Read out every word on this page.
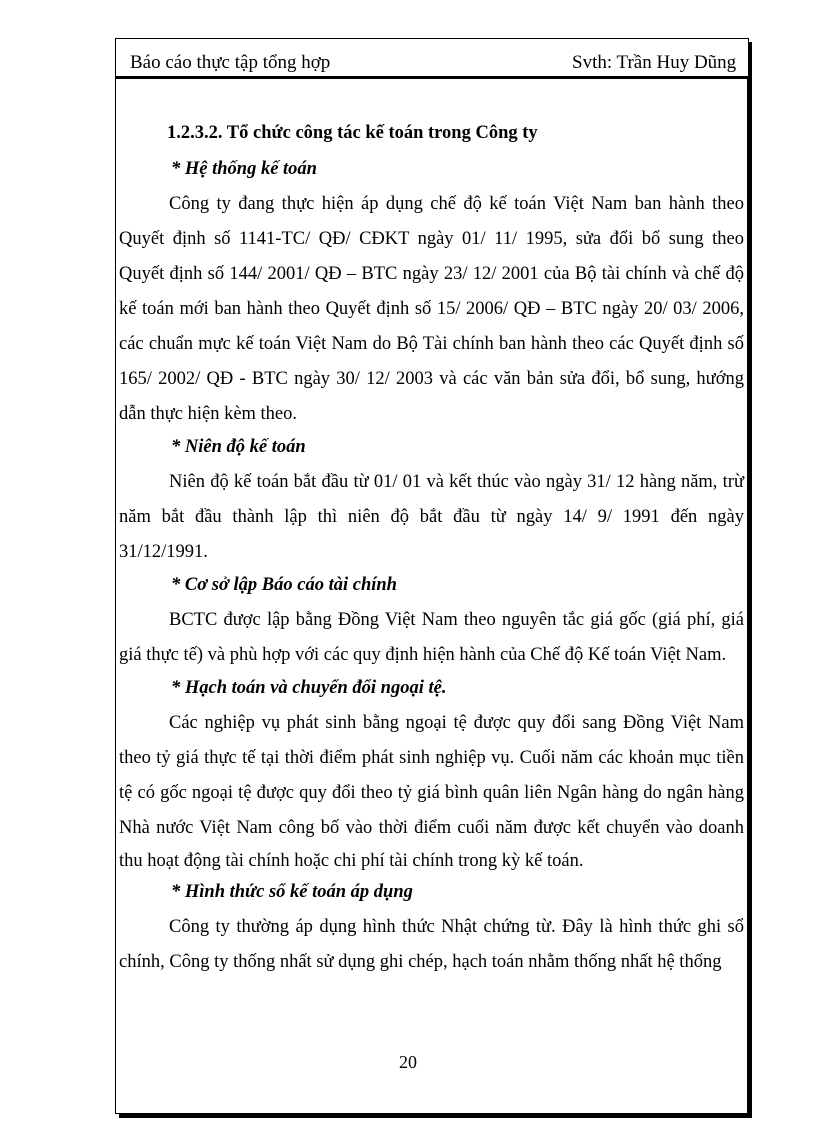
Báo cáo thực tập tổng hợp	Svth: Trần Huy Dũng
1.2.3.2. Tổ chức công tác kế toán trong Công ty
* Hệ thống kế toán
Công ty đang thực hiện áp dụng chế độ kế toán Việt Nam ban hành theo
Quyết định số 1141-TC/ QĐ/ CĐKT ngày 01/ 11/ 1995, sửa đổi bổ sung theo
Quyết định số 144/ 2001/ QĐ – BTC ngày 23/ 12/ 2001 của Bộ tài chính và chế độ
kế toán mới ban hành theo Quyết định số 15/ 2006/ QĐ – BTC ngày 20/ 03/ 2006,
các chuẩn mực kế toán Việt Nam do Bộ Tài chính ban hành theo các Quyết định số
165/ 2002/ QĐ - BTC ngày 30/ 12/ 2003 và các văn bản sửa đổi, bổ sung, hướng
dẫn thực hiện kèm theo.
* Niên độ kế toán
Niên độ kế toán bắt đầu từ 01/ 01 và kết thúc vào ngày 31/ 12 hàng năm, trừ
năm bắt đầu thành lập thì niên độ bắt đầu từ ngày 14/ 9/ 1991 đến ngày
31/12/1991.
* Cơ sở lập Báo cáo tài chính
BCTC được lập bằng Đồng Việt Nam theo nguyên tắc giá gốc (giá phí, giá
giá thực tế) và phù hợp với các quy định hiện hành của Chế độ Kế toán Việt Nam.
* Hạch toán và chuyển đổi ngoại tệ.
Các nghiệp vụ phát sinh bằng ngoại tệ được quy đổi sang Đồng Việt Nam
theo tỷ giá thực tế tại thời điểm phát sinh nghiệp vụ. Cuối năm các khoản mục tiền
tệ có gốc ngoại tệ được quy đổi theo tỷ giá bình quân liên Ngân hàng do ngân hàng
Nhà nước Việt Nam công bố vào thời điểm cuối năm được kết chuyển vào doanh
thu hoạt động tài chính hoặc chi phí tài chính trong kỳ kế toán.
* Hình thức sổ kế toán áp dụng
Công ty thường áp dụng hình thức Nhật chứng từ. Đây là hình thức ghi sổ
chính, Công ty thống nhất sử dụng ghi chép, hạch toán nhằm thống nhất hệ thống
20
